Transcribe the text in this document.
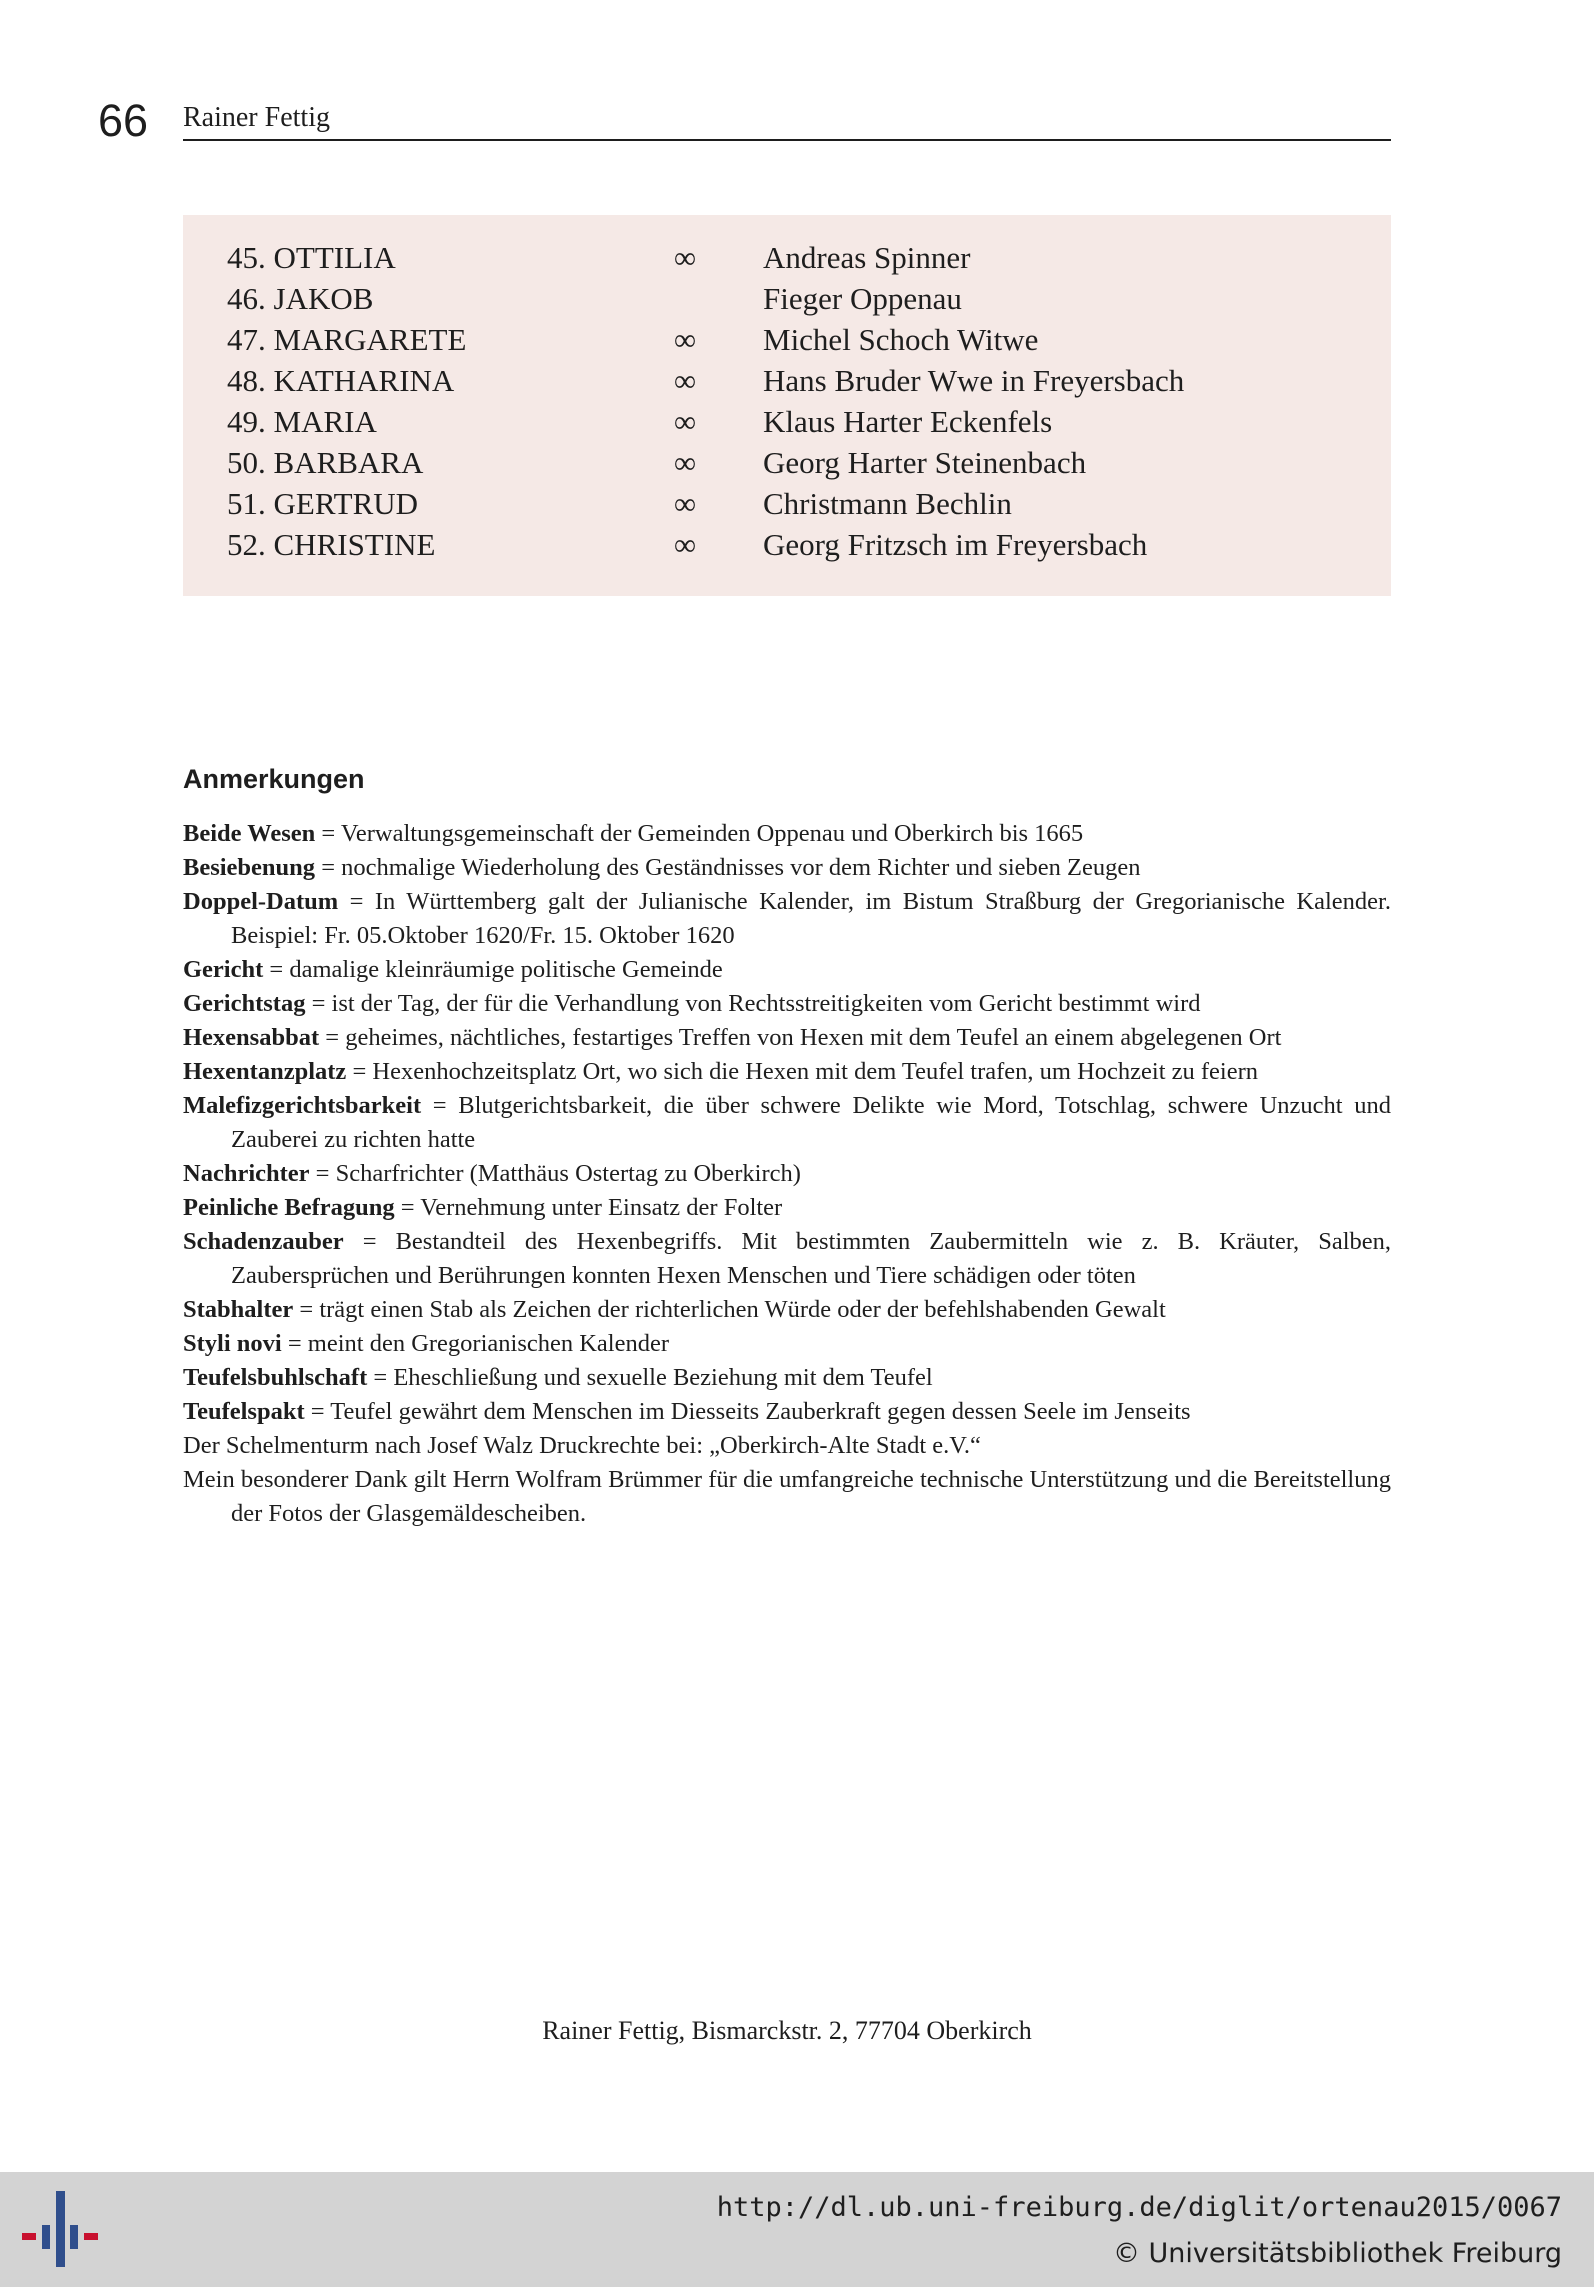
66 Rainer Fettig
45. OTTILIA	∞ Andreas Spinner
46. JAKOB	Fieger Oppenau
47. MARGARETE	∞ Michel Schoch Witwe
48. KATHARINA	∞ Hans Bruder Wwe in Freyersbach
49. MARIA	∞ Klaus Harter Eckenfels
50. BARBARA	∞ Georg Harter Steinenbach
51. GERTRUD	∞ Christmann Bechlin
52. CHRISTINE	∞ Georg Fritzsch im Freyersbach
Anmerkungen
Beide Wesen = Verwaltungsgemeinschaft der Gemeinden Oppenau und Oberkirch bis 1665
Besiebenung = nochmalige Wiederholung des Geständnisses vor dem Richter und sieben Zeugen
Doppel-Datum = In Württemberg galt der Julianische Kalender, im Bistum Straßburg der Gregorianische Kalender. Beispiel: Fr. 05.Oktober 1620/Fr. 15. Oktober 1620
Gericht = damalige kleinräumige politische Gemeinde
Gerichtstag = ist der Tag, der für die Verhandlung von Rechtsstreitigkeiten vom Gericht bestimmt wird
Hexensabbat = geheimes, nächtliches, festartiges Treffen von Hexen mit dem Teufel an einem abgelegenen Ort
Hexentanzplatz = Hexenhochzeitsplatz Ort, wo sich die Hexen mit dem Teufel trafen, um Hochzeit zu feiern
Malefizgerichtsbarkeit = Blutgerichtsbarkeit, die über schwere Delikte wie Mord, Totschlag, schwere Unzucht und Zauberei zu richten hatte
Nachrichter = Scharfrichter (Matthäus Ostertag zu Oberkirch)
Peinliche Befragung = Vernehmung unter Einsatz der Folter
Schadenzauber = Bestandteil des Hexenbegriffs. Mit bestimmten Zaubermitteln wie z. B. Kräuter, Salben, Zaubersprüchen und Berührungen konnten Hexen Menschen und Tiere schädigen oder töten
Stabhalter = trägt einen Stab als Zeichen der richterlichen Würde oder der befehlshabenden Gewalt
Styli novi = meint den Gregorianischen Kalender
Teufelsbuhlschaft = Eheschließung und sexuelle Beziehung mit dem Teufel
Teufelspakt = Teufel gewährt dem Menschen im Diesseits Zauberkraft gegen dessen Seele im Jenseits
Der Schelmenturm nach Josef Walz Druckrechte bei: „Oberkirch-Alte Stadt e.V.“
Mein besonderer Dank gilt Herrn Wolfram Brümmer für die umfangreiche technische Unterstützung und die Bereitstellung der Fotos der Glasgemäldescheiben.
Rainer Fettig, Bismarckstr. 2, 77704 Oberkirch
http://dl.ub.uni-freiburg.de/diglit/ortenau2015/0067
© Universitätsbibliothek Freiburg
